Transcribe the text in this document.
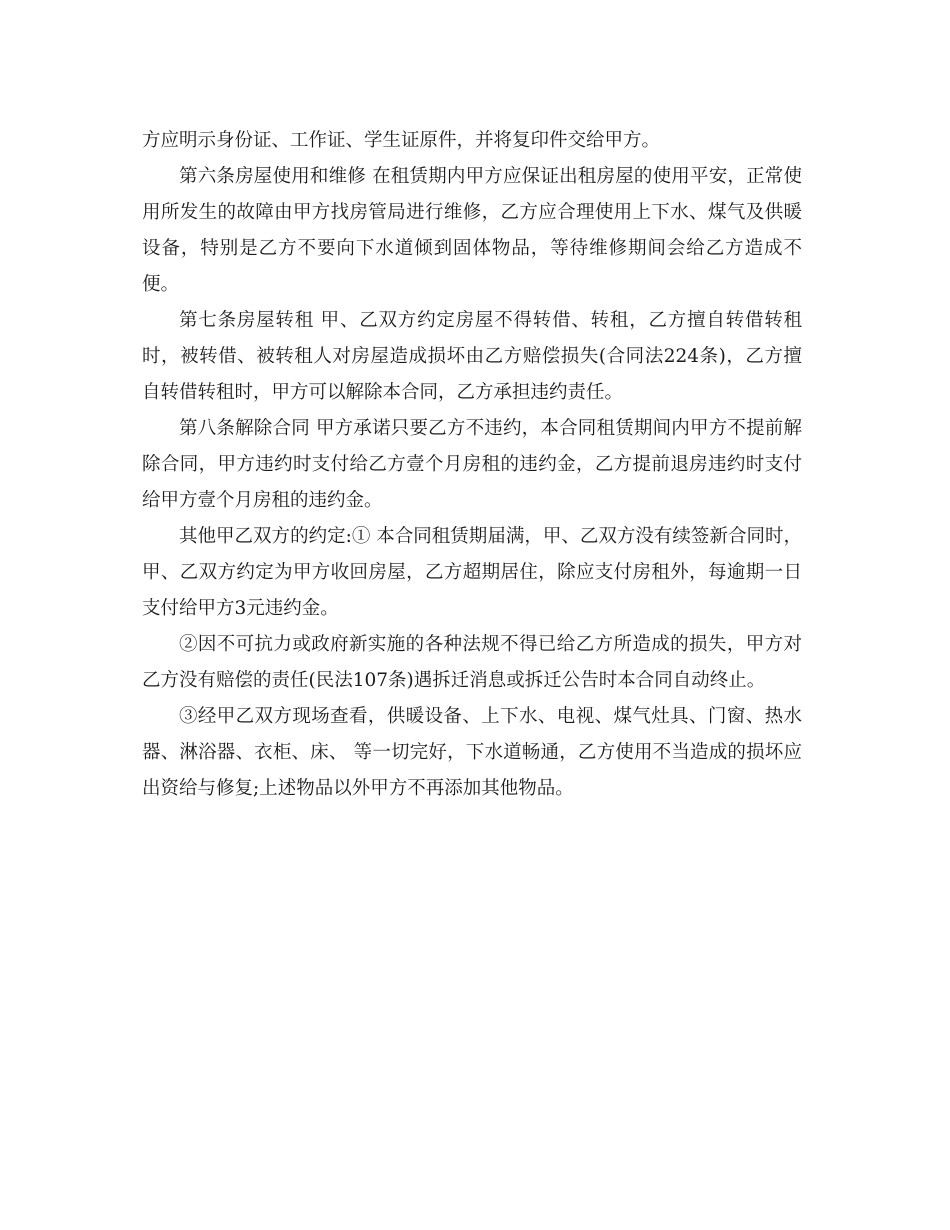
方应明示身份证、工作证、学生证原件，并将复印件交给甲方。

第六条房屋使用和维修 在租赁期内甲方应保证出租房屋的使用平安，正常使用所发生的故障由甲方找房管局进行维修，乙方应合理使用上下水、煤气及供暖设备，特别是乙方不要向下水道倾到固体物品，等待维修期间会给乙方造成不便。

第七条房屋转租 甲、乙双方约定房屋不得转借、转租，乙方擅自转借转租时，被转借、被转租人对房屋造成损坏由乙方赔偿损失(合同法224条)，乙方擅自转借转租时，甲方可以解除本合同，乙方承担违约责任。

第八条解除合同 甲方承诺只要乙方不违约，本合同租赁期间内甲方不提前解除合同，甲方违约时支付给乙方壹个月房租的违约金，乙方提前退房违约时支付给甲方壹个月房租的违约金。

其他甲乙双方的约定:① 本合同租赁期届满，甲、乙双方没有续签新合同时，甲、乙双方约定为甲方收回房屋，乙方超期居住，除应支付房租外，每逾期一日支付给甲方3元违约金。

②因不可抗力或政府新实施的各种法规不得已给乙方所造成的损失，甲方对乙方没有赔偿的责任(民法107条)遇拆迁消息或拆迁公告时本合同自动终止。

③经甲乙双方现场查看，供暖设备、上下水、电视、煤气灶具、门窗、热水器、淋浴器、衣柜、床、 等一切完好，下水道畅通，乙方使用不当造成的损坏应出资给与修复;上述物品以外甲方不再添加其他物品。
